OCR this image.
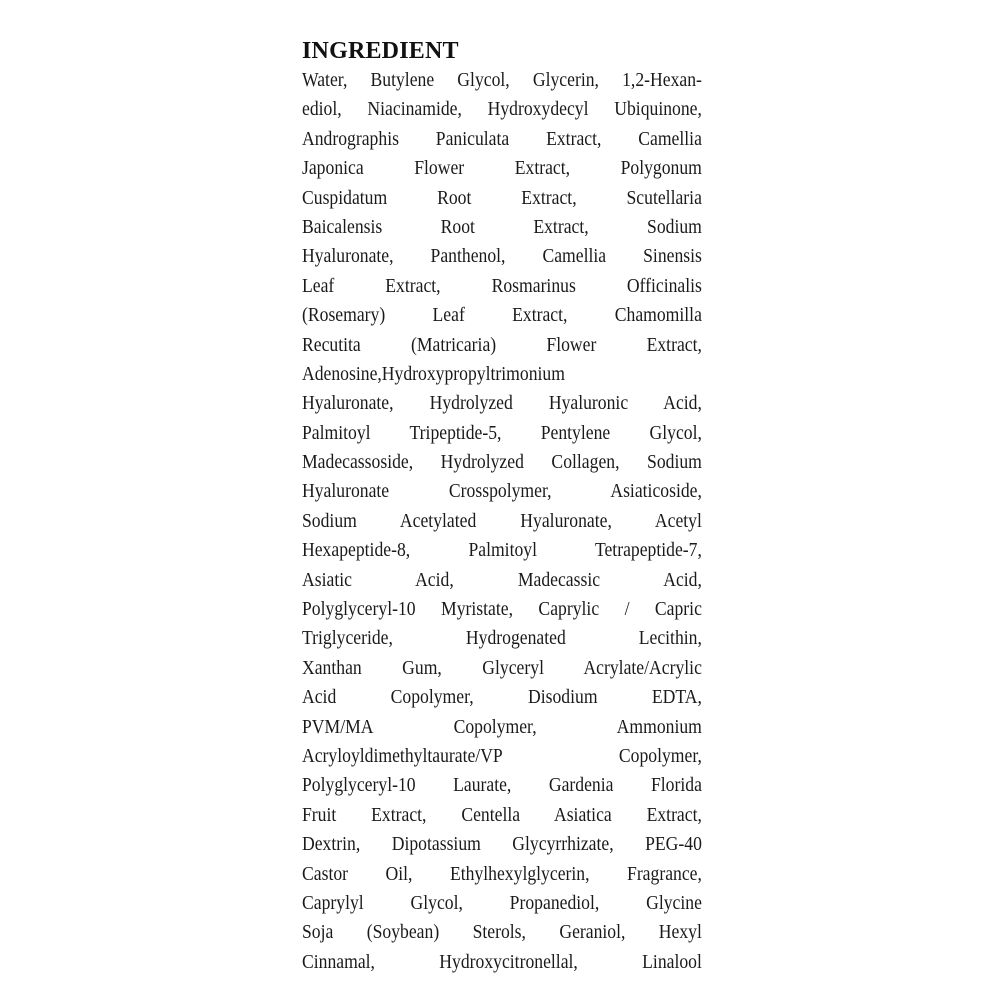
INGREDIENT
Water, Butylene Glycol, Glycerin, 1,2-Hexan-
ediol, Niacinamide, Hydroxydecyl Ubiquinone,
Andrographis Paniculata Extract, Camellia
Japonica Flower Extract, Polygonum
Cuspidatum Root Extract, Scutellaria
Baicalensis Root Extract, Sodium
Hyaluronate, Panthenol, Camellia Sinensis
Leaf Extract, Rosmarinus Officinalis
(Rosemary) Leaf Extract, Chamomilla
Recutita (Matricaria) Flower Extract,
Adenosine,Hydroxypropyltrimonium
Hyaluronate, Hydrolyzed Hyaluronic Acid,
Palmitoyl Tripeptide-5, Pentylene Glycol,
Madecassoside, Hydrolyzed Collagen, Sodium
Hyaluronate Crosspolymer, Asiaticoside,
Sodium Acetylated Hyaluronate, Acetyl
Hexapeptide-8, Palmitoyl Tetrapeptide-7,
Asiatic Acid, Madecassic Acid,
Polyglyceryl-10 Myristate, Caprylic / Capric
Triglyceride, Hydrogenated Lecithin,
Xanthan Gum, Glyceryl Acrylate/Acrylic
Acid Copolymer, Disodium EDTA,
PVM/MA Copolymer, Ammonium
Acryloyldimethyltaurate/VP Copolymer,
Polyglyceryl-10 Laurate, Gardenia Florida
Fruit Extract, Centella Asiatica Extract,
Dextrin, Dipotassium Glycyrrhizate, PEG-40
Castor Oil, Ethylhexylglycerin, Fragrance,
Caprylyl Glycol, Propanediol, Glycine
Soja (Soybean) Sterols, Geraniol, Hexyl
Cinnamal, Hydroxycitronellal, Linalool
